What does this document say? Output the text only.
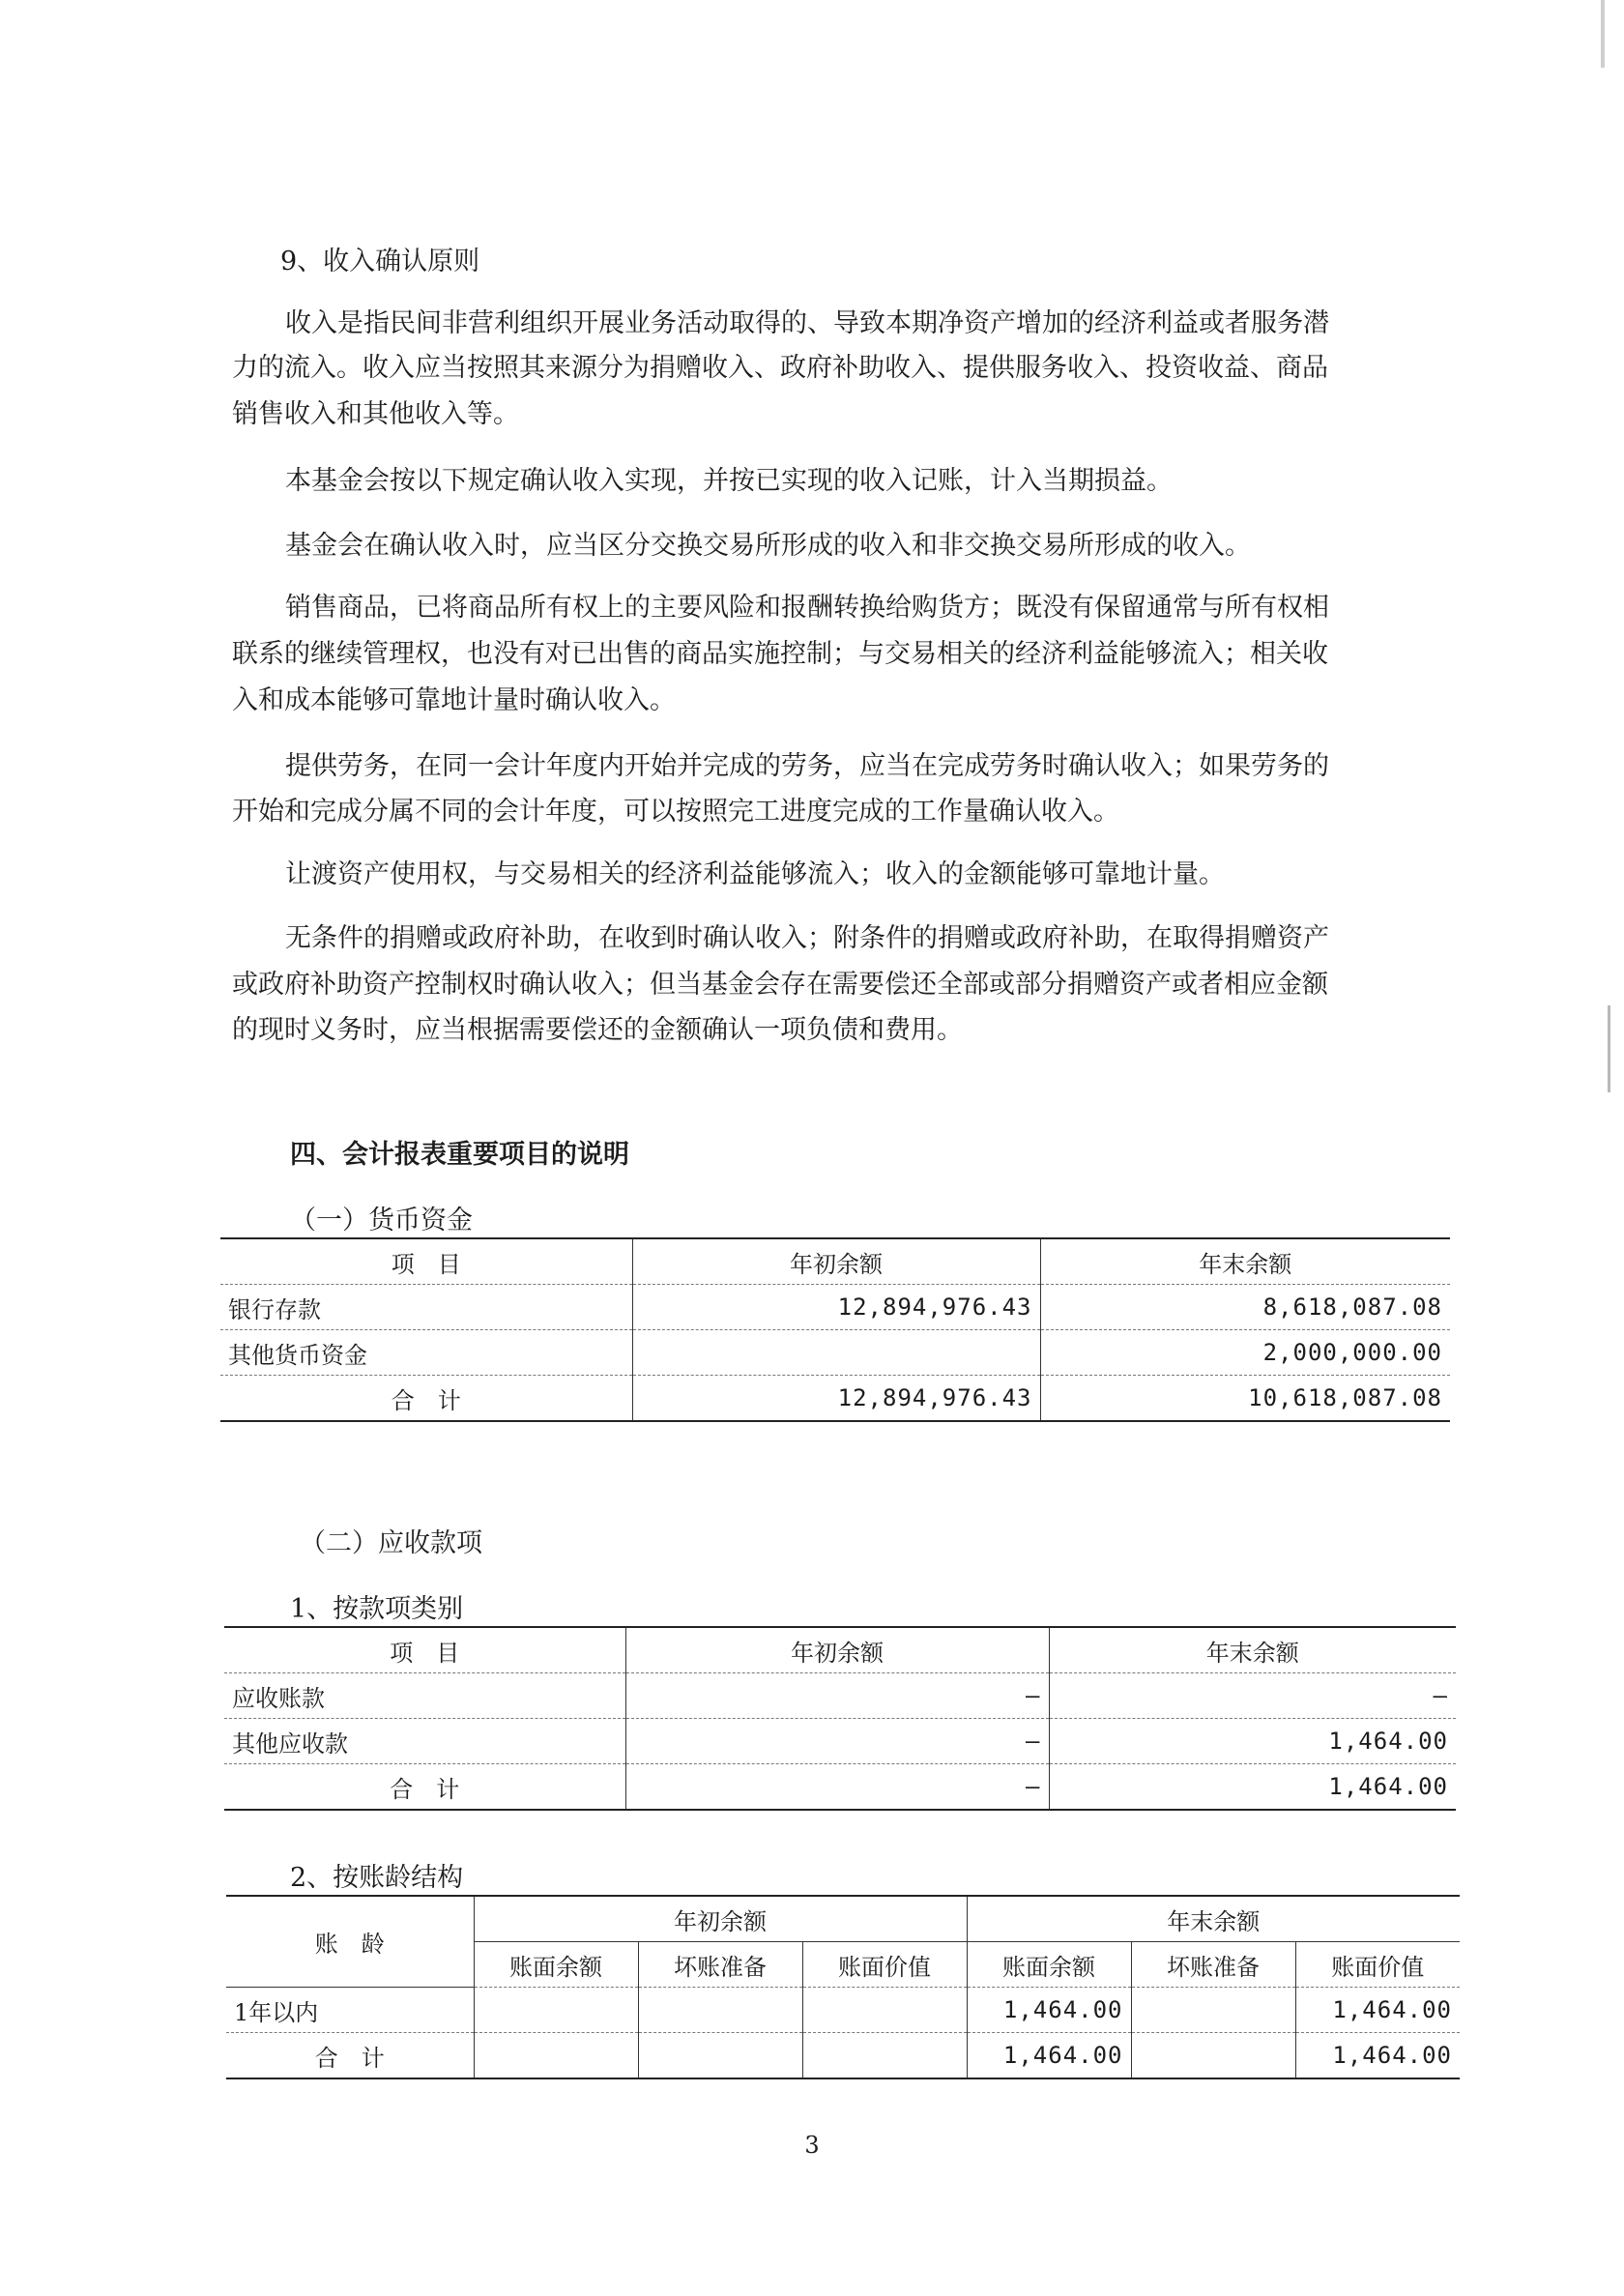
9、收入确认原则
收入是指民间非营利组织开展业务活动取得的、导致本期净资产增加的经济利益或者服务潜
力的流入。收入应当按照其来源分为捐赠收入、政府补助收入、提供服务收入、投资收益、商品
销售收入和其他收入等。
本基金会按以下规定确认收入实现，并按已实现的收入记账，计入当期损益。
基金会在确认收入时，应当区分交换交易所形成的收入和非交换交易所形成的收入。
销售商品，已将商品所有权上的主要风险和报酬转换给购货方；既没有保留通常与所有权相
联系的继续管理权，也没有对已出售的商品实施控制；与交易相关的经济利益能够流入；相关收
入和成本能够可靠地计量时确认收入。
提供劳务，在同一会计年度内开始并完成的劳务，应当在完成劳务时确认收入；如果劳务的
开始和完成分属不同的会计年度，可以按照完工进度完成的工作量确认收入。
让渡资产使用权，与交易相关的经济利益能够流入；收入的金额能够可靠地计量。
无条件的捐赠或政府补助，在收到时确认收入；附条件的捐赠或政府补助，在取得捐赠资产
或政府补助资产控制权时确认收入；但当基金会存在需要偿还全部或部分捐赠资产或者相应金额
的现时义务时，应当根据需要偿还的金额确认一项负债和费用。
四、会计报表重要项目的说明
（一）货币资金
项　目	年初余额	年末余额
银行存款	12,894,976.43	8,618,087.08
其他货币资金		2,000,000.00
合　计	12,894,976.43	10,618,087.08
（二）应收款项
1、按款项类别
项　目	年初余额	年末余额
应收账款	–	–
其他应收款	–	1,464.00
合　计	–	1,464.00
2、按账龄结构
账　龄	年初余额			年末余额		
	账面余额	坏账准备	账面价值	账面余额	坏账准备	账面价值
1年以内				1,464.00		1,464.00
合　计				1,464.00		1,464.00
3
